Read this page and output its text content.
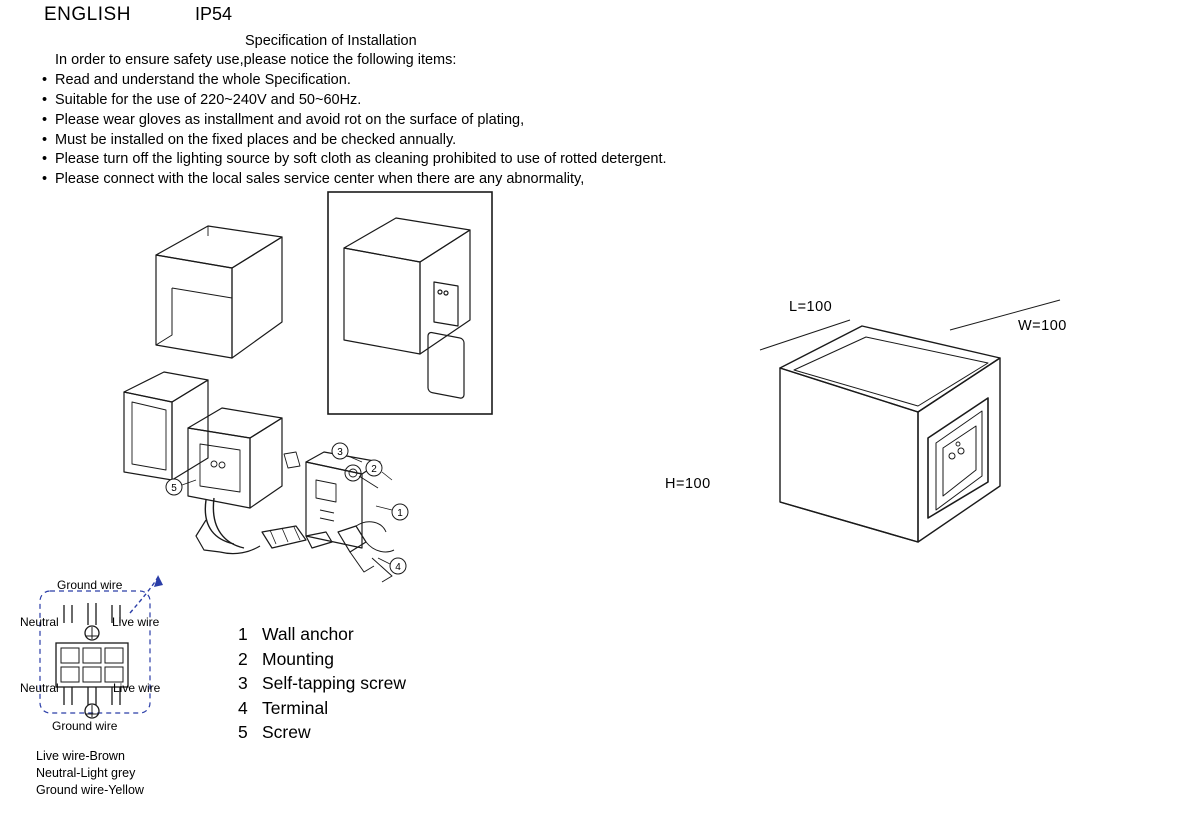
ENGLISH	IP54
Specification of Installation
In order to ensure safety use,please notice the following items:
• Read and understand the whole Specification.
• Suitable for the use of 220~240V and 50~60Hz.
• Please wear gloves as installment and avoid rot on the surface of plating,
• Must be installed on the fixed places and be checked annually.
• Please turn off the lighting source by soft cloth as cleaning prohibited to use of rotted detergent.
• Please connect with the local sales service center when there are any abnormality,
3
2
1
4
5
L=100
W=100
H=100
Ground wire
Neutral	Live wire
Neutral	Live wire
Ground wire
Live wire-Brown
Neutral-Light grey
Ground wire-Yellow
1 Wall anchor
2 Mounting
3 Self-tapping screw
4 Terminal
5 Screw
